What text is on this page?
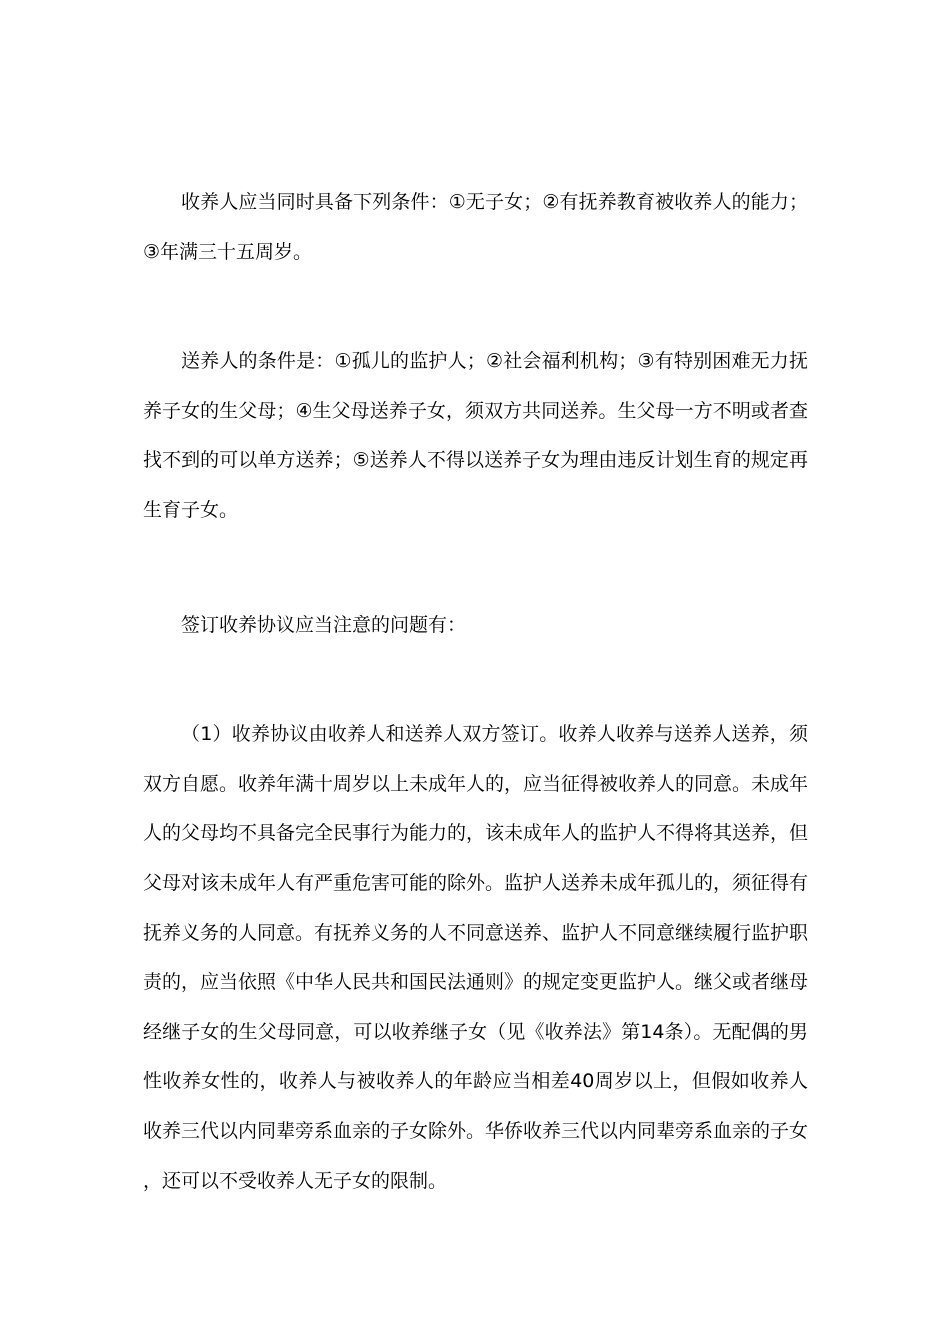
收养人应当同时具备下列条件：①无子女；②有抚养教育被收养人的能力；③年满三十五周岁。

送养人的条件是：①孤儿的监护人；②社会福利机构；③有特别困难无力抚养子女的生父母；④生父母送养子女，须双方共同送养。生父母一方不明或者查找不到的可以单方送养；⑤送养人不得以送养子女为理由违反计划生育的规定再生育子女。

签订收养协议应当注意的问题有：

（1）收养协议由收养人和送养人双方签订。收养人收养与送养人送养，须双方自愿。收养年满十周岁以上未成年人的，应当征得被收养人的同意。未成年人的父母均不具备完全民事行为能力的，该未成年人的监护人不得将其送养，但父母对该未成年人有严重危害可能的除外。监护人送养未成年孤儿的，须征得有抚养义务的人同意。有抚养义务的人不同意送养、监护人不同意继续履行监护职责的，应当依照《中华人民共和国民法通则》的规定变更监护人。继父或者继母经继子女的生父母同意，可以收养继子女（见《收养法》第14条）。无配偶的男性收养女性的，收养人与被收养人的年龄应当相差40周岁以上，但假如收养人收养三代以内同辈旁系血亲的子女除外。华侨收养三代以内同辈旁系血亲的子女，还可以不受收养人无子女的限制。
